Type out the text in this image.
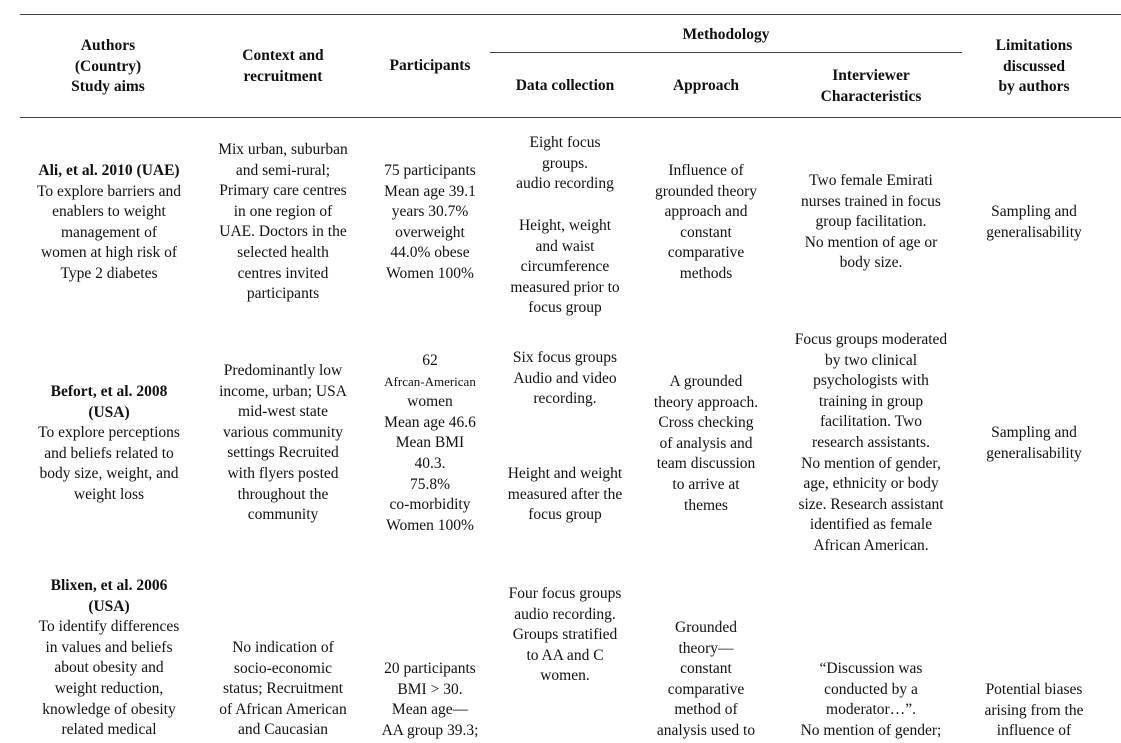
Authors
(Country)
Study aims
Context and
recruitment
Participants
Methodology
Data collection	Approach
Interviewer
Characteristics
Limitations
discussed
by authors
Ali, et al. 2010 (UAE)
To explore barriers and
enablers to weight
management of
women at high risk of
Type 2 diabetes
Mix urban, suburban
and semi-rural;
Primary care centres
in one region of
UAE. Doctors in the
selected health
centres invited
participants
75 participants
Mean age 39.1
years 30.7%
overweight
44.0% obese
Women 100%
Eight focus
groups.
audio recording
Height, weight
and waist
circumference
measured prior to
focus group
Influence of
grounded theory
approach and
constant
comparative
methods
Two female Emirati
nurses trained in focus
group facilitation.
No mention of age or
body size.
Sampling and
generalisability
Befort, et al. 2008
(USA)
To explore perceptions
and beliefs related to
body size, weight, and
weight loss
Predominantly low
income, urban; USA
mid-west state
various community
settings Recruited
with flyers posted
throughout the
community
62
Afrcan-American
women
Mean age 46.6
Mean BMI
40.3.
75.8%
co-morbidity
Women 100%
Six focus groups
Audio and video
recording.
Height and weight
measured after the
focus group
A grounded
theory approach.
Cross checking
of analysis and
team discussion
to arrive at
themes
Focus groups moderated
by two clinical
psychologists with
training in group
facilitation. Two
research assistants.
No mention of gender,
age, ethnicity or body
size. Research assistant
identified as female
African American.
Sampling and
generalisability
Blixen, et al. 2006
(USA)
To identify differences
in values and beliefs
about obesity and
weight reduction,
knowledge of obesity
related medical
No indication of
socio-economic
status; Recruitment
of African American
and Caucasian
20 participants
BMI > 30.
Mean age—
AA group 39.3;
Four focus groups
audio recording.
Groups stratified
to AA and C
women.
Grounded
theory—
constant
comparative
method of
analysis used to
“Discussion was
conducted by a
moderator…”.
No mention of gender;
Potential biases
arising from the
influence of
